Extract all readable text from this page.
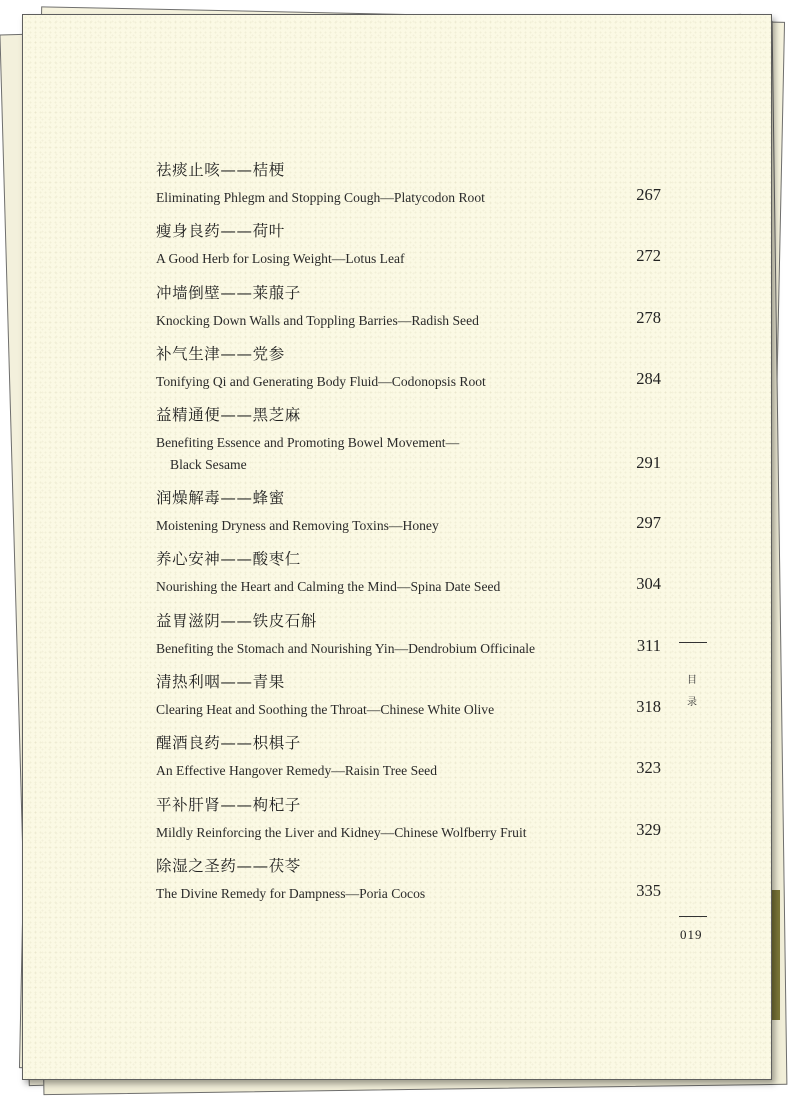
祛痰止咳——桔梗
Eliminating Phlegm and Stopping Cough—Platycodon Root	267
瘦身良药——荷叶
A Good Herb for Losing Weight—Lotus Leaf	272
冲墙倒壁——莱菔子
Knocking Down Walls and Toppling Barries—Radish Seed	278
补气生津——党参
Tonifying Qi and Generating Body Fluid—Codonopsis Root	284
益精通便——黑芝麻
Benefiting Essence and Promoting Bowel Movement—
Black Sesame	291
润燥解毒——蜂蜜
Moistening Dryness and Removing Toxins—Honey	297
养心安神——酸枣仁
Nourishing the Heart and Calming the Mind—Spina Date Seed	304
益胃滋阴——铁皮石斛
Benefiting the Stomach and Nourishing Yin—Dendrobium Officinale	311
清热利咽——青果
Clearing Heat and Soothing the Throat—Chinese White Olive	318
醒酒良药——枳椇子
An Effective Hangover Remedy—Raisin Tree Seed	323
平补肝肾——枸杞子
Mildly Reinforcing the Liver and Kidney—Chinese Wolfberry Fruit	329
除湿之圣药——茯苓
The Divine Remedy for Dampness—Poria Cocos	335
目
录
019
